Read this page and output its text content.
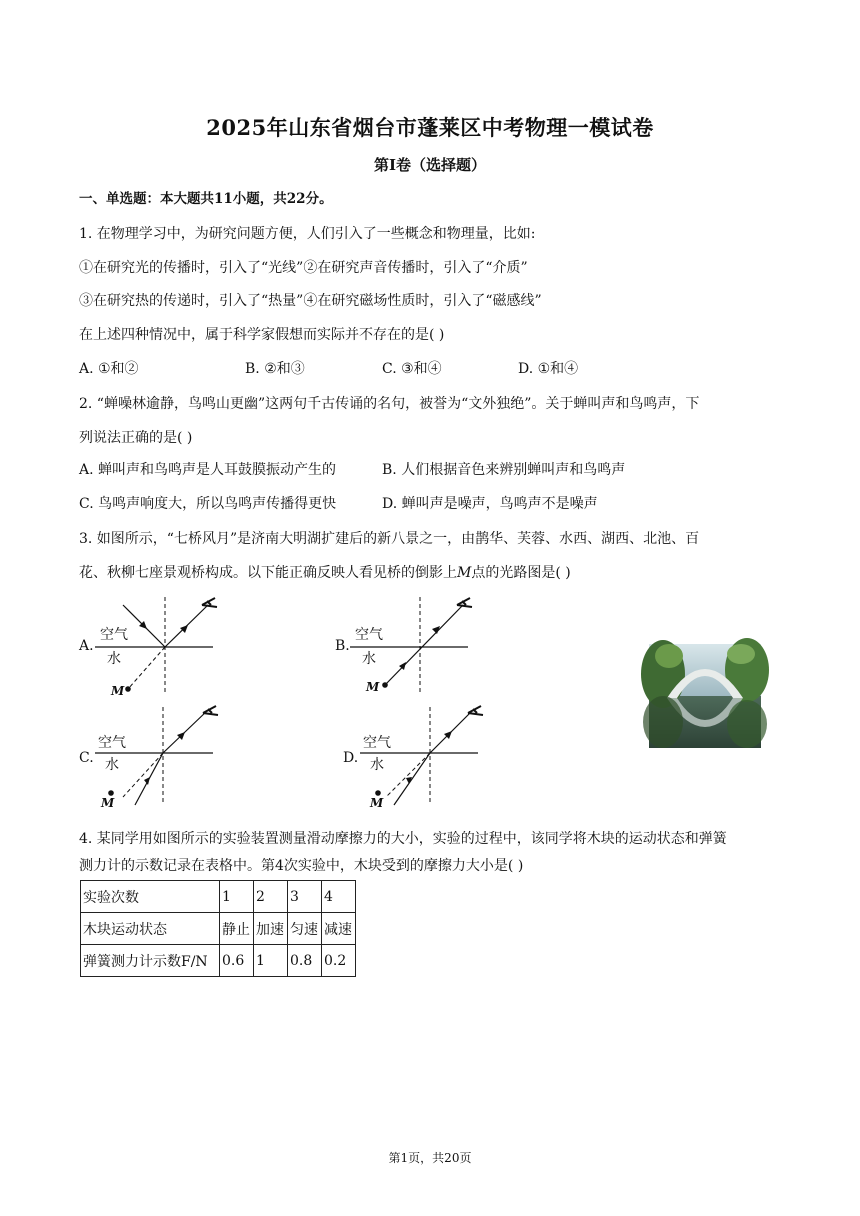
2025年山东省烟台市蓬莱区中考物理一模试卷
第I卷（选择题）
一、单选题：本大题共11小题，共22分。
1. 在物理学习中，为研究问题方便，人们引入了一些概念和物理量，比如:
①在研究光的传播时，引入了“光线”②在研究声音传播时，引入了“介质”
③在研究热的传递时，引入了“热量”④在研究磁场性质时，引入了“磁感线”
在上述四种情况中，属于科学家假想而实际并不存在的是( )
A. ①和②	B. ②和③	C. ③和④	D. ①和④
2. “蝉噪林逾静，鸟鸣山更幽”这两句千古传诵的名句，被誉为“文外独绝”。关于蝉叫声和鸟鸣声，下
列说法正确的是( )
A. 蝉叫声和鸟鸣声是人耳鼓膜振动产生的	B. 人们根据音色来辨别蝉叫声和鸟鸣声
C. 鸟鸣声响度大，所以鸟鸣声传播得更快	D. 蝉叫声是噪声，鸟鸣声不是噪声
3. 如图所示，“七桥风月”是济南大明湖扩建后的新八景之一，由鹊华、芙蓉、水西、湖西、北池、百
花、秋柳七座景观桥构成。以下能正确反映人看见桥的倒影上M点的光路图是( )
A.	B.
C.	D.
空气
水
M
空气
水
M
空气
水
M
空气
水
M
4. 某同学用如图所示的实验装置测量滑动摩擦力的大小，实验的过程中，该同学将木块的运动状态和弹簧
测力计的示数记录在表格中。第4次实验中，木块受到的摩擦力大小是( )
实验次数	1	2	3	4
木块运动状态	静止	加速	匀速	减速
弹簧测力计示数F/N	0.6	1	0.8	0.2
第1页，共20页
